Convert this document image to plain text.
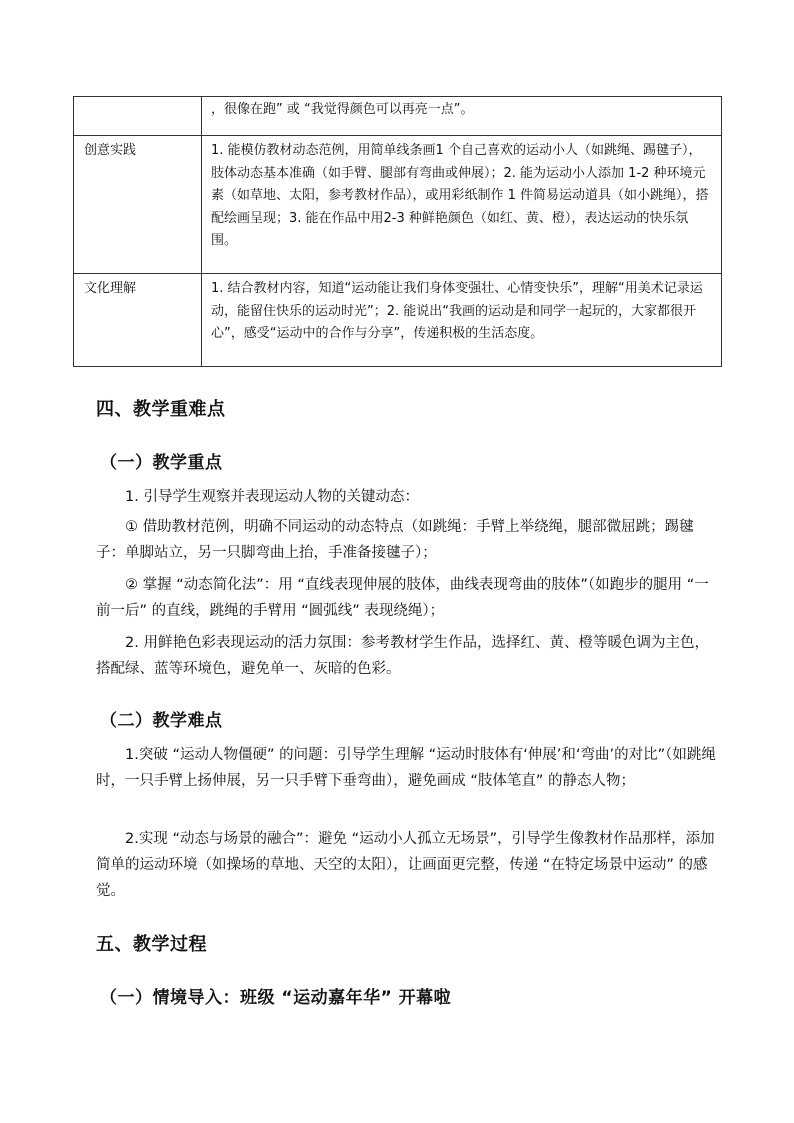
	，很像在跑” 或 “我觉得颜色可以再亮一点”。
创意实践	1. 能模仿教材动态范例，用简单线条画1 个自己喜欢的运动小人（如跳绳、踢毽子），肢体动态基本准确（如手臂、腿部有弯曲或伸展）；2. 能为运动小人添加 1-2 种环境元素（如草地、太阳，参考教材作品），或用彩纸制作 1 件简易运动道具（如小跳绳），搭配绘画呈现；3. 能在作品中用2-3 种鲜艳颜色（如红、黄、橙），表达运动的快乐氛围。
文化理解	1. 结合教材内容，知道“运动能让我们身体变强壮、心情变快乐”，理解“用美术记录运动，能留住快乐的运动时光”；2. 能说出“我画的运动是和同学一起玩的，大家都很开心”，感受“运动中的合作与分享”，传递积极的生活态度。
四、教学重难点
（一）教学重点
1. 引导学生观察并表现运动人物的关键动态：
① 借助教材范例，明确不同运动的动态特点（如跳绳：手臂上举绕绳，腿部微屈跳；踢毽子：单脚站立，另一只脚弯曲上抬，手准备接毽子）；
② 掌握 “动态简化法”：用 “直线表现伸展的肢体，曲线表现弯曲的肢体”（如跑步的腿用 “一前一后” 的直线，跳绳的手臂用 “圆弧线” 表现绕绳）；
2. 用鲜艳色彩表现运动的活力氛围：参考教材学生作品，选择红、黄、橙等暖色调为主色，搭配绿、蓝等环境色，避免单一、灰暗的色彩。
（二）教学难点
1.突破 “运动人物僵硬” 的问题：引导学生理解 “运动时肢体有‘伸展’和‘弯曲’的对比”（如跳绳时，一只手臂上扬伸展，另一只手臂下垂弯曲），避免画成 “肢体笔直” 的静态人物；
2.实现 “动态与场景的融合”：避免 “运动小人孤立无场景”，引导学生像教材作品那样，添加简单的运动环境（如操场的草地、天空的太阳），让画面更完整，传递 “在特定场景中运动” 的感觉。
五、教学过程
（一）情境导入：班级 “运动嘉年华” 开幕啦
